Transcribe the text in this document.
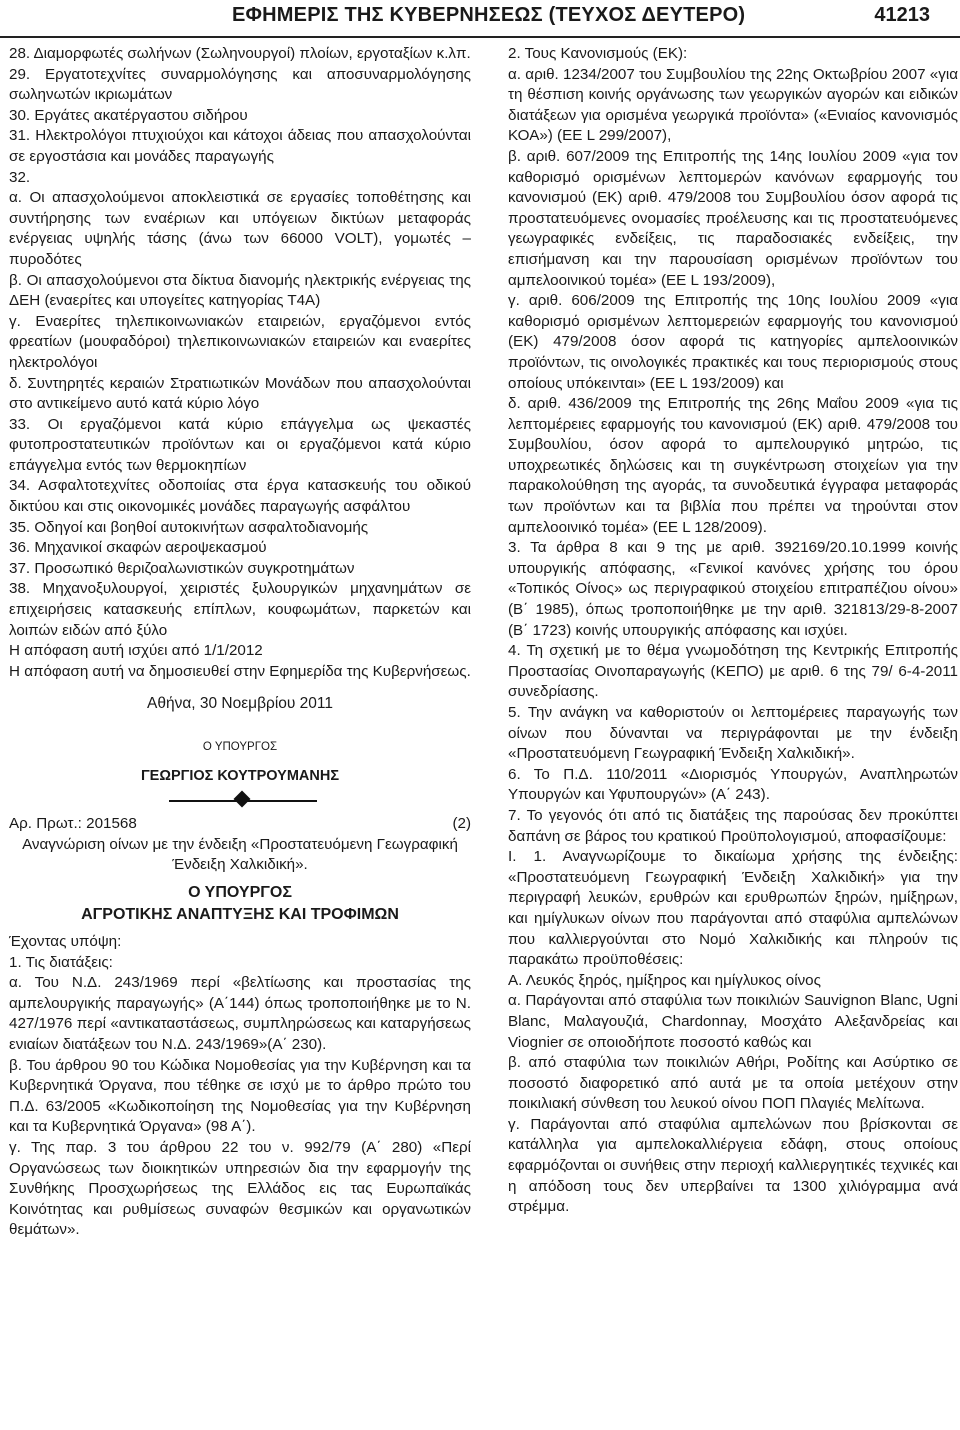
ΕΦΗΜΕΡΙΣ ΤΗΣ ΚΥΒΕΡΝΗΣΕΩΣ (ΤΕΥΧΟΣ ΔΕΥΤΕΡΟ)	41213

28. Διαμορφωτές σωλήνων (Σωληνουργοί) πλοίων, εργοταξίων κ.λπ.

29. Εργατοτεχνίτες συναρμολόγησης και αποσυναρμολόγησης σωληνωτών ικριωμάτων

30. Εργάτες ακατέργαστου σιδήρου

31. Ηλεκτρολόγοι πτυχιούχοι και κάτοχοι άδειας που απασχολούνται σε εργοστάσια και μονάδες παραγωγής

32.

α. Οι απασχολούμενοι αποκλειστικά σε εργασίες τοποθέτησης και συντήρησης των εναέριων και υπόγειων δικτύων μεταφοράς ενέργειας υψηλής τάσης (άνω των 66000 VOLT), γομωτές –πυροδότες

β. Οι απασχολούμενοι στα δίκτυα διανομής ηλεκτρικής ενέργειας της ΔΕΗ (εναερίτες και υπογείτες κατηγορίας Τ4Α)

γ. Εναερίτες τηλεπικοινωνιακών εταιρειών, εργαζόμενοι εντός φρεατίων (μουφαδόροι) τηλεπικοινωνιακών εταιρειών και εναερίτες ηλεκτρολόγοι

δ. Συντηρητές κεραιών Στρατιωτικών Μονάδων που απασχολούνται στο αντικείμενο αυτό κατά κύριο λόγο

33. Οι εργαζόμενοι κατά κύριο επάγγελμα ως ψεκαστές φυτοπροστατευτικών προϊόντων και οι εργαζόμενοι κατά κύριο επάγγελμα εντός των θερμοκηπίων

34. Ασφαλτοτεχνίτες οδοποιίας στα έργα κατασκευής του οδικού δικτύου και στις οικονομικές μονάδες παραγωγής ασφάλτου

35. Οδηγοί και βοηθοί αυτοκινήτων ασφαλτοδιανομής

36. Μηχανικοί σκαφών αεροψεκασμού

37. Προσωπικό θεριζοαλωνιστικών συγκροτημάτων

38. Μηχανοξυλουργοί, χειριστές ξυλουργικών μηχανημάτων σε επιχειρήσεις κατασκευής επίπλων, κουφωμάτων, παρκετών και λοιπών ειδών από ξύλο

Η απόφαση αυτή ισχύει από 1/1/2012

Η απόφαση αυτή να δημοσιευθεί στην Εφημερίδα της Κυβερνήσεως.

Αθήνα, 30 Νοεμβρίου 2011
Ο ΥΠΟΥΡΓΟΣ
ΓΕΩΡΓΙΟΣ ΚΟΥΤΡΟΥΜΑΝΗΣ
Αρ. Πρωτ.: 201568	(2)

Αναγνώριση οίνων με την ένδειξη «Προστατευόμενη Γεωγραφική Ένδειξη Χαλκιδική».

Ο ΥΠΟΥΡΓΟΣ
ΑΓΡΟΤΙΚΗΣ ΑΝΑΠΤΥΞΗΣ ΚΑΙ ΤΡΟΦΙΜΩΝ

Έχοντας υπόψη:

1. Τις διατάξεις:

α. Του Ν.Δ. 243/1969 περί «βελτίωσης και προστασίας της αμπελουργικής παραγωγής» (Α΄144) όπως τροποποιήθηκε με το Ν. 427/1976 περί «αντικαταστάσεως, συμπληρώσεως και καταργήσεως ενιαίων διατάξεων του Ν.Δ. 243/1969»(Α΄ 230).

β. Του άρθρου 90 του Κώδικα Νομοθεσίας για την Κυβέρνηση και τα Κυβερνητικά Όργανα, που τέθηκε σε ισχύ με το άρθρο πρώτο του Π.Δ. 63/2005 «Κωδικοποίηση της Νομοθεσίας για την Κυβέρνηση και τα Κυβερνητικά Όργανα» (98 Α΄).

γ. Της παρ. 3 του άρθρου 22 του ν. 992/79 (Α΄ 280) «Περί Οργανώσεως των διοικητικών υπηρεσιών δια την εφαρμογήν της Συνθήκης Προσχωρήσεως της Ελλάδος εις τας Ευρωπαϊκάς Κοινότητας και ρυθμίσεως συναφών θεσμικών και οργανωτικών θεμάτων».

2. Τους Κανονισμούς (ΕΚ):

α. αριθ. 1234/2007 του Συμβουλίου της 22ης Οκτωβρίου 2007 «για τη θέσπιση κοινής οργάνωσης των γεωργικών αγορών και ειδικών διατάξεων για ορισμένα γεωργικά προϊόντα» («Ενιαίος κανονισμός ΚΟΑ») (ΕΕ L 299/2007),

β. αριθ. 607/2009 της Επιτροπής της 14ης Ιουλίου 2009 «για τον καθορισμό ορισμένων λεπτομερών κανόνων εφαρμογής του κανονισμού (ΕΚ) αριθ. 479/2008 του Συμβουλίου όσον αφορά τις προστατευόμενες ονομασίες προέλευσης και τις προστατευόμενες γεωγραφικές ενδείξεις, τις παραδοσιακές ενδείξεις, την επισήμανση και την παρουσίαση ορισμένων προϊόντων του αμπελοοινικού τομέα» (ΕΕ L 193/2009),

γ. αριθ. 606/2009 της Επιτροπής της 10ης Ιουλίου 2009 «για καθορισμό ορισμένων λεπτομερειών εφαρμογής του κανονισμού (ΕΚ) 479/2008 όσον αφορά τις κατηγορίες αμπελοοινικών προϊόντων, τις οινολογικές πρακτικές και τους περιορισμούς στους οποίους υπόκεινται» (ΕΕ L 193/2009) και

δ. αριθ. 436/2009 της Επιτροπής της 26ης Μαΐου 2009 «για τις λεπτομέρειες εφαρμογής του κανονισμού (ΕΚ) αριθ. 479/2008 του Συμβουλίου, όσον αφορά το αμπελουργικό μητρώο, τις υποχρεωτικές δηλώσεις και τη συγκέντρωση στοιχείων για την παρακολούθηση της αγοράς, τα συνοδευτικά έγγραφα μεταφοράς των προϊόντων και τα βιβλία που πρέπει να τηρούνται στον αμπελοοινικό τομέα» (ΕΕ L 128/2009).

3. Τα άρθρα 8 και 9 της με αριθ. 392169/20.10.1999 κοινής υπουργικής απόφασης, «Γενικοί κανόνες χρήσης του όρου «Τοπικός Οίνος» ως περιγραφικού στοιχείου επιτραπέζιου οίνου» (Β΄ 1985), όπως τροποποιήθηκε με την αριθ. 321813/29-8-2007 (Β΄ 1723) κοινής υπουργικής απόφασης και ισχύει.

4. Τη σχετική με το θέμα γνωμοδότηση της Κεντρικής Επιτροπής Προστασίας Οινοπαραγωγής (ΚΕΠΟ) με αριθ. 6 της 79/ 6-4-2011 συνεδρίασης.

5. Την ανάγκη να καθοριστούν οι λεπτομέρειες παραγωγής των οίνων που δύνανται να περιγράφονται με την ένδειξη «Προστατευόμενη Γεωγραφική Ένδειξη Χαλκιδική».

6. Το Π.Δ. 110/2011 «Διορισμός Υπουργών, Αναπληρωτών Υπουργών και Υφυπουργών» (Α΄ 243).

7. Το γεγονός ότι από τις διατάξεις της παρούσας δεν προκύπτει δαπάνη σε βάρος του κρατικού Προϋπολογισμού, αποφασίζουμε:

Ι. 1. Αναγνωρίζουμε το δικαίωμα χρήσης της ένδειξης: «Προστατευόμενη Γεωγραφική Ένδειξη Χαλκιδική» για την περιγραφή λευκών, ερυθρών και ερυθρωπών ξηρών, ημίξηρων, και ημίγλυκων οίνων που παράγονται από σταφύλια αμπελώνων που καλλιεργούνται στο Νομό Χαλκιδικής και πληρούν τις παρακάτω προϋποθέσεις:

Α. Λευκός ξηρός, ημίξηρος και ημίγλυκος οίνος

α. Παράγονται από σταφύλια των ποικιλιών Sauvignon Blanc, Ugni Blanc, Μαλαγουζιά, Chardonnay, Μοσχάτο Αλεξανδρείας και Viognier σε οποιοδήποτε ποσοστό καθώς και

β. από σταφύλια των ποικιλιών Αθήρι, Ροδίτης και Ασύρτικο σε ποσοστό διαφορετικό από αυτά με τα οποία μετέχουν στην ποικιλιακή σύνθεση του λευκού οίνου ΠΟΠ Πλαγιές Μελίτωνα.

γ. Παράγονται από σταφύλια αμπελώνων που βρίσκονται σε κατάλληλα για αμπελοκαλλιέργεια εδάφη, στους οποίους εφαρμόζονται οι συνήθεις στην περιοχή καλλιεργητικές τεχνικές και η απόδοση τους δεν υπερβαίνει τα 1300 χιλιόγραμμα ανά στρέμμα.
